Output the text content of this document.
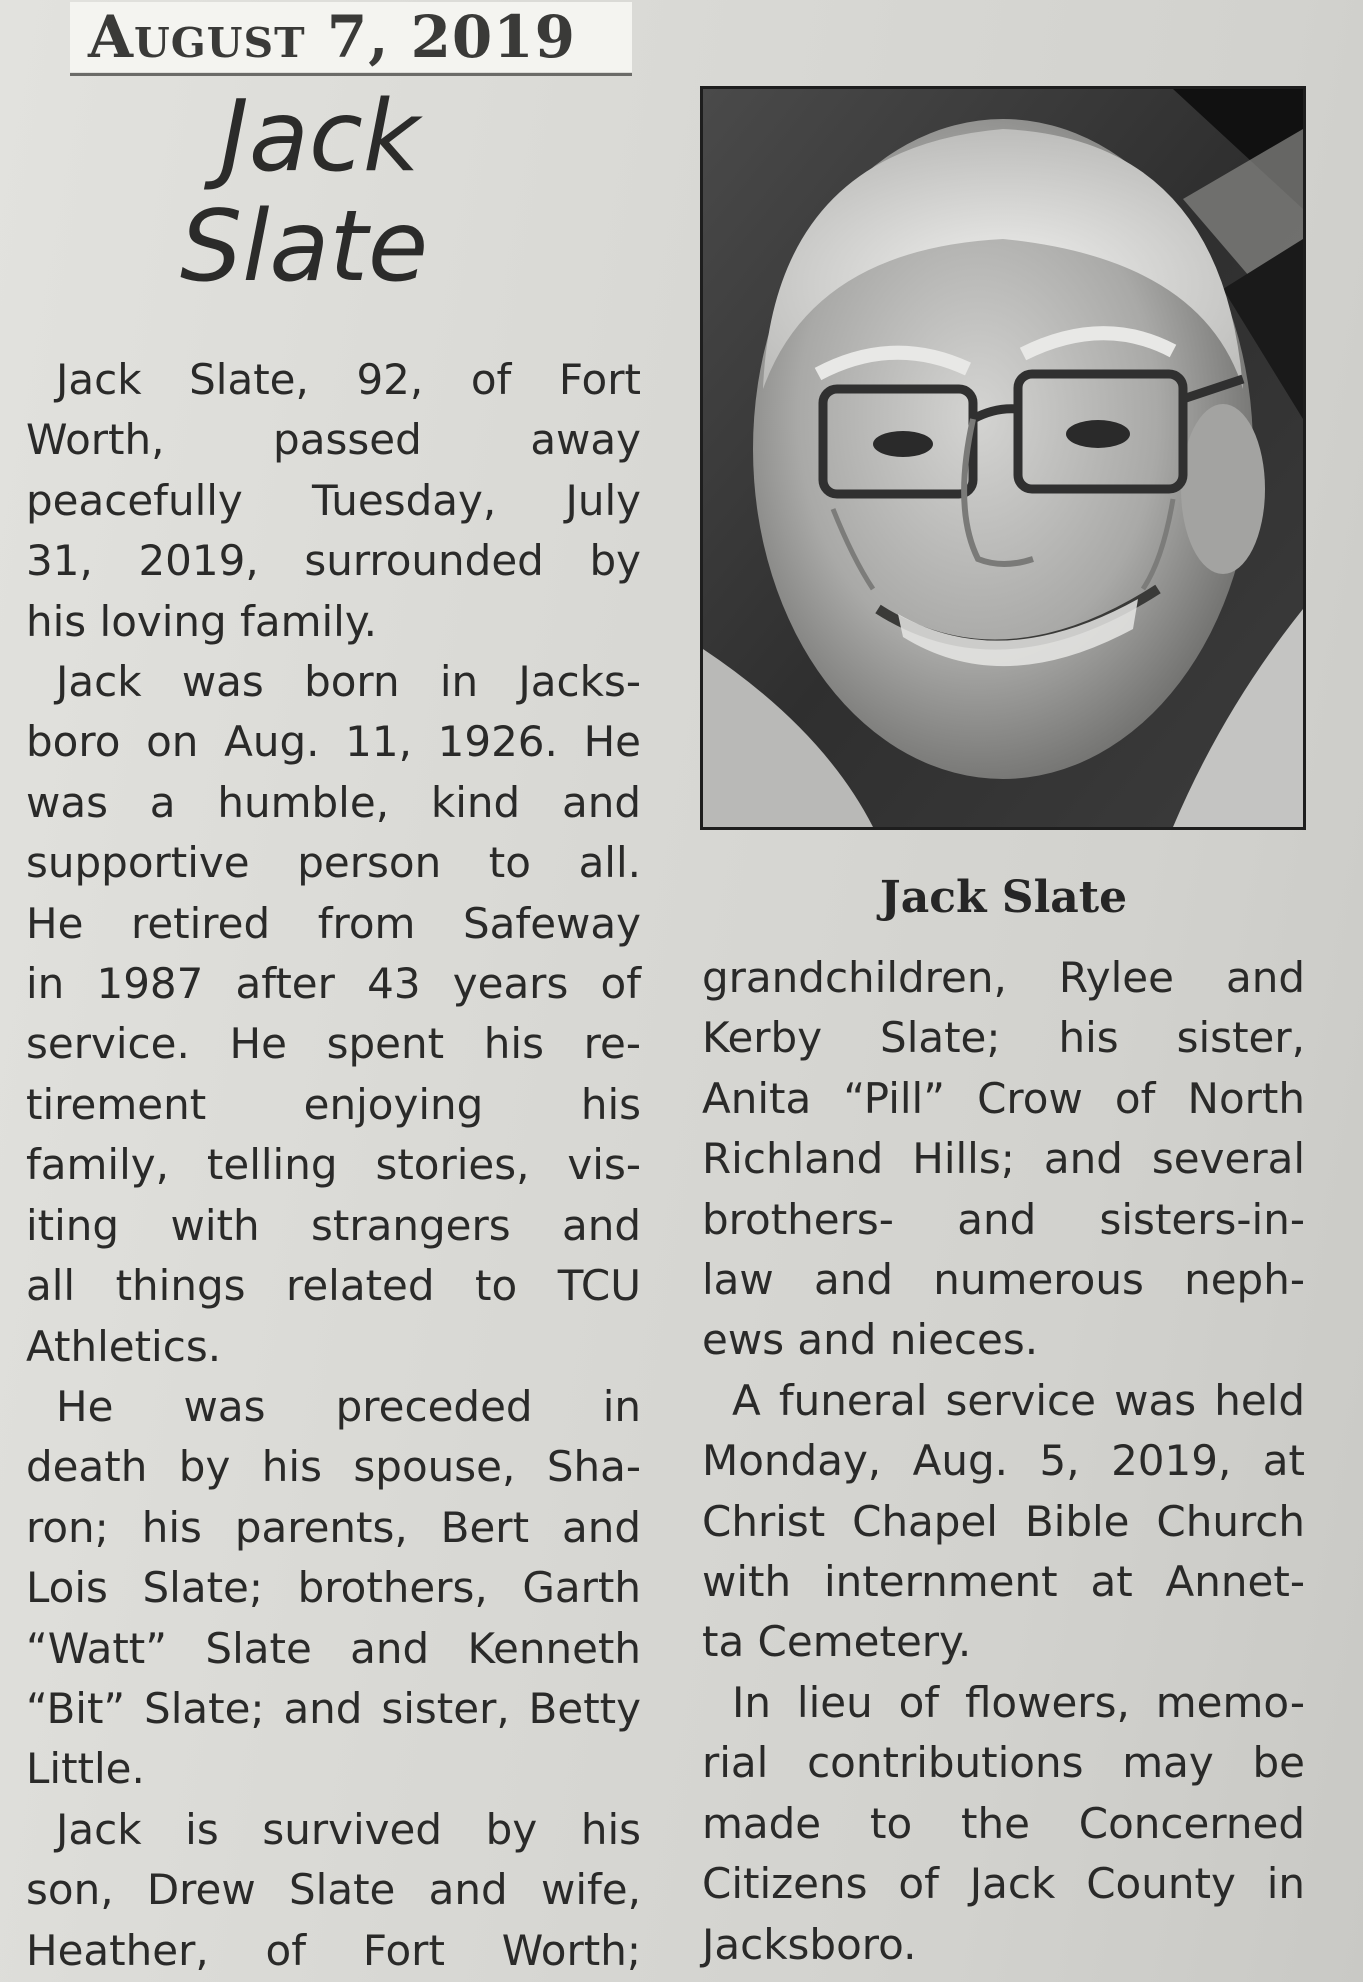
August 7, 2019
Jack
Slate
Jack Slate, 92, of Fort
Worth, passed away
peacefully Tuesday, July
31, 2019, surrounded by
his loving family.
Jack was born in Jacks-
boro on Aug. 11, 1926. He
was a humble, kind and
supportive person to all.
He retired from Safeway
in 1987 after 43 years of
service. He spent his re-
tirement enjoying his
family, telling stories, vis-
iting with strangers and
all things related to TCU
Athletics.
He was preceded in
death by his spouse, Sha-
ron; his parents, Bert and
Lois Slate; brothers, Garth
“Watt” Slate and Kenneth
“Bit” Slate; and sister, Betty
Little.
Jack is survived by his
son, Drew Slate and wife,
Heather, of Fort Worth;
Jack Slate
grandchildren, Rylee and
Kerby Slate; his sister,
Anita “Pill” Crow of North
Richland Hills; and several
brothers- and sisters-in-
law and numerous neph-
ews and nieces.
A funeral service was held
Monday, Aug. 5, 2019, at
Christ Chapel Bible Church
with internment at Annet-
ta Cemetery.
In lieu of flowers, memo-
rial contributions may be
made to the Concerned
Citizens of Jack County in
Jacksboro.
